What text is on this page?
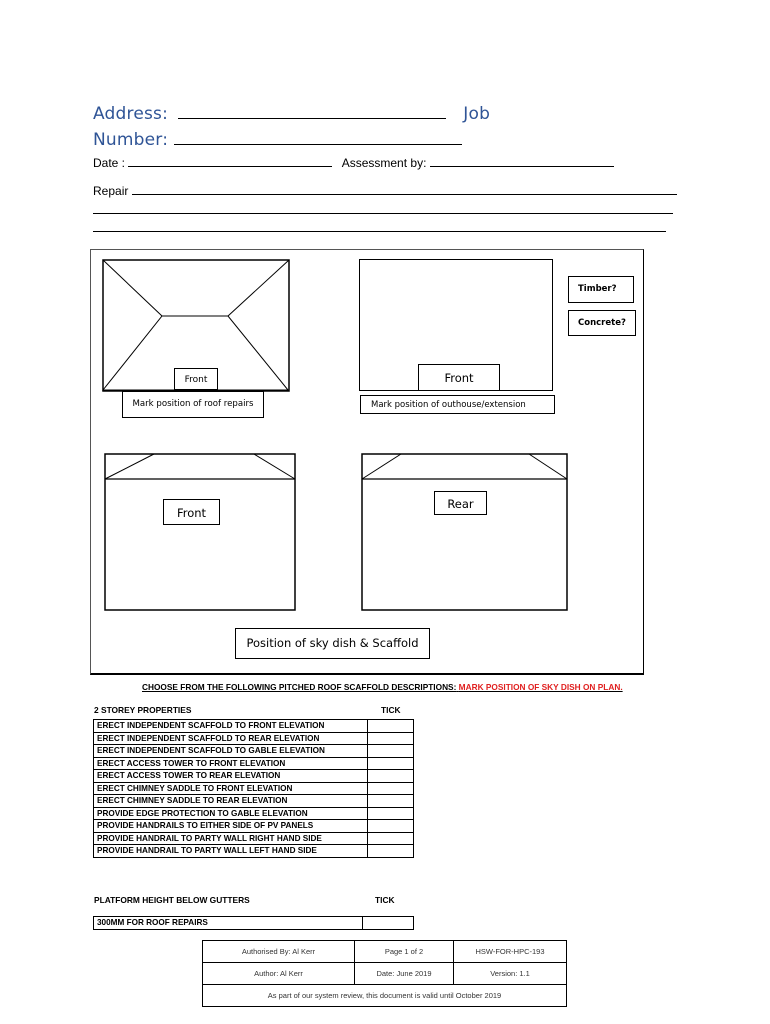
Address:	Job
Number:
Date :	Assessment by:
Repair
Front
Mark position of roof repairs
Front
Mark position of outhouse/extension
Timber?
Concrete?
Front
Rear
Position of sky dish & Scaffold
CHOOSE FROM THE FOLLOWING PITCHED ROOF SCAFFOLD DESCRIPTIONS: MARK POSITION OF SKY DISH ON PLAN.
2 STOREY PROPERTIES	TICK
ERECT INDEPENDENT SCAFFOLD TO FRONT ELEVATION	
ERECT INDEPENDENT SCAFFOLD TO REAR ELEVATION	
ERECT INDEPENDENT SCAFFOLD TO GABLE ELEVATION	
ERECT ACCESS TOWER TO FRONT ELEVATION	
ERECT ACCESS TOWER TO REAR ELEVATION	
ERECT CHIMNEY SADDLE TO FRONT ELEVATION	
ERECT CHIMNEY SADDLE TO REAR ELEVATION	
PROVIDE EDGE PROTECTION TO GABLE ELEVATION	
PROVIDE HANDRAILS TO EITHER SIDE OF PV PANELS	
PROVIDE HANDRAIL TO PARTY WALL RIGHT HAND SIDE	
PROVIDE HANDRAIL TO PARTY WALL LEFT HAND SIDE	
PLATFORM HEIGHT BELOW GUTTERS	TICK
300MM FOR ROOF REPAIRS	
Authorised By: Al Kerr	Page 1 of 2	HSW-FOR-HPC-193
Author: Al Kerr	Date: June 2019	Version: 1.1
As part of our system review, this document is valid until October 2019		
